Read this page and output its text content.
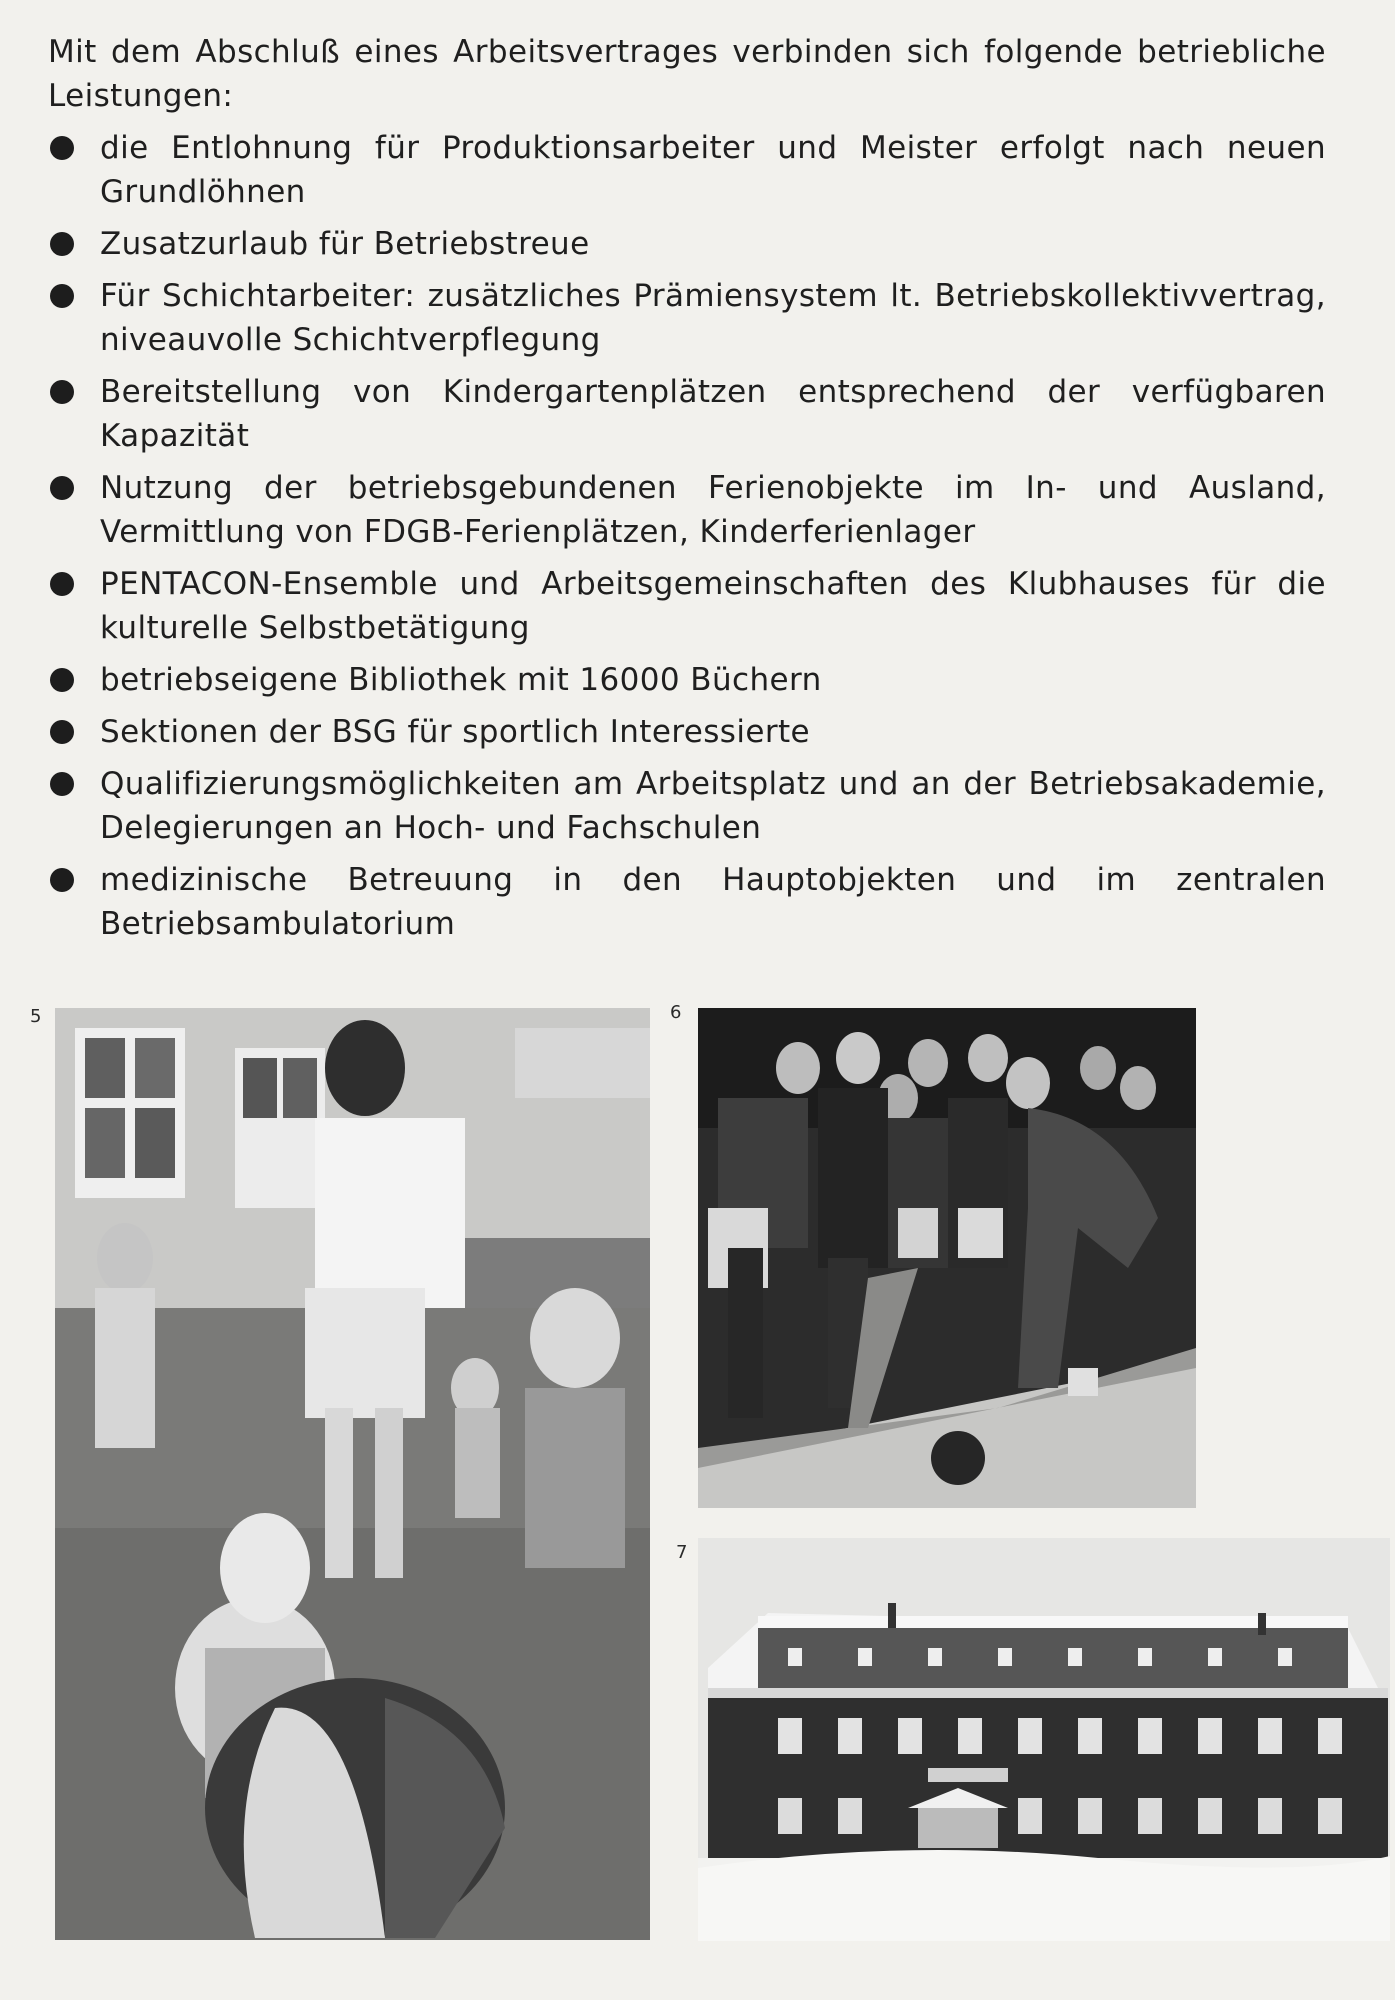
Mit dem Abschluß eines Arbeitsvertrages verbinden sich folgende betriebliche Leistungen:

die Entlohnung für Produktionsarbeiter und Meister erfolgt nach neuen Grundlöhnen
Zusatzurlaub für Betriebstreue
Für Schichtarbeiter: zusätzliches Prämiensystem lt. Betriebskollektivvertrag, niveauvolle Schichtverpflegung
Bereitstellung von Kindergartenplätzen entsprechend der verfügbaren Kapazität
Nutzung der betriebsgebundenen Ferienobjekte im In- und Ausland, Vermittlung von FDGB-Ferienplätzen, Kinderferienlager
PENTACON-Ensemble und Arbeitsgemeinschaften des Klubhauses für die kulturelle Selbstbetätigung
betriebseigene Bibliothek mit 16000 Büchern
Sektionen der BSG für sportlich Interessierte
Qualifizierungsmöglichkeiten am Arbeitsplatz und an der Betriebsakademie, Delegierungen an Hoch- und Fachschulen
medizinische Betreuung in den Hauptobjekten und im zentralen Betriebsambulatorium
5	6
7
